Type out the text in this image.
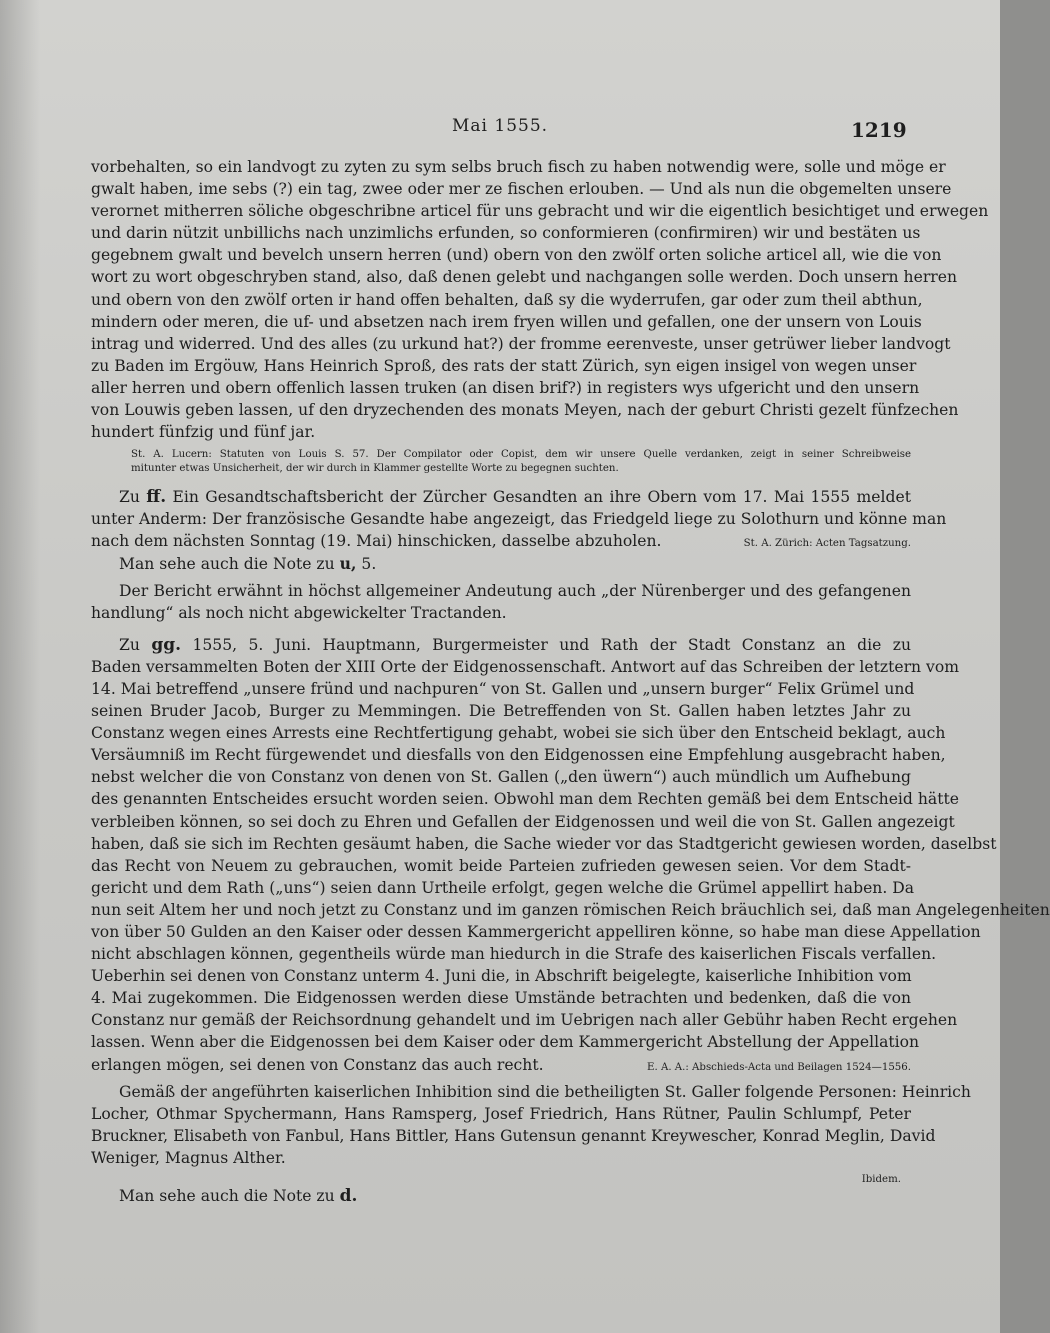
Mai 1555.	1219
vorbehalten, so ein landvogt zu zyten zu sym selbs bruch fisch zu haben notwendig were, solle und möge er
gwalt haben, ime sebs (?) ein tag, zwee oder mer ze fischen erlouben. — Und als nun die obgemelten unsere
verornet mitherren söliche obgeschribne articel für uns gebracht und wir die eigentlich besichtiget und erwegen
und darin nützit unbillichs nach unzimlichs erfunden, so conformieren (confirmiren) wir und bestäten us
gegebnem gwalt und bevelch unsern herren (und) obern von den zwölf orten soliche articel all, wie die von
wort zu wort obgeschryben stand, also, daß denen gelebt und nachgangen solle werden. Doch unsern herren
und obern von den zwölf orten ir hand offen behalten, daß sy die wyderrufen, gar oder zum theil abthun,
mindern oder meren, die uf- und absetzen nach irem fryen willen und gefallen, one der unsern von Louis
intrag und widerred. Und des alles (zu urkund hat?) der fromme eerenveste, unser getrüwer lieber landvogt
zu Baden im Ergöuw, Hans Heinrich Sproß, des rats der statt Zürich, syn eigen insigel von wegen unser
aller herren und obern offenlich lassen truken (an disen brif?) in registers wys ufgericht und den unsern
von Louwis geben lassen, uf den dryzechenden des monats Meyen, nach der geburt Christi gezelt fünfzechen
hundert fünfzig und fünf jar.
St. A. Lucern: Statuten von Louis S. 57. Der Compilator oder Copist, dem wir unsere Quelle verdanken, zeigt in seiner Schreibweise
mitunter etwas Unsicherheit, der wir durch in Klammer gestellte Worte zu begegnen suchten.
Zu ff. Ein Gesandtschaftsbericht der Zürcher Gesandten an ihre Obern vom 17. Mai 1555 meldet
unter Anderm: Der französische Gesandte habe angezeigt, das Friedgeld liege zu Solothurn und könne man
nach dem nächsten Sonntag (19. Mai) hinschicken, dasselbe abzuholen.	St. A. Zürich: Acten Tagsatzung.
Man sehe auch die Note zu u, 5.
Der Bericht erwähnt in höchst allgemeiner Andeutung auch „der Nürenberger und des gefangenen
handlung“ als noch nicht abgewickelter Tractanden.
Zu gg. 1555, 5. Juni. Hauptmann, Burgermeister und Rath der Stadt Constanz an die zu
Baden versammelten Boten der XIII Orte der Eidgenossenschaft. Antwort auf das Schreiben der letztern vom
14. Mai betreffend „unsere fründ und nachpuren“ von St. Gallen und „unsern burger“ Felix Grümel und
seinen Bruder Jacob, Burger zu Memmingen. Die Betreffenden von St. Gallen haben letztes Jahr zu
Constanz wegen eines Arrests eine Rechtfertigung gehabt, wobei sie sich über den Entscheid beklagt, auch
Versäumniß im Recht fürgewendet und diesfalls von den Eidgenossen eine Empfehlung ausgebracht haben,
nebst welcher die von Constanz von denen von St. Gallen („den üwern“) auch mündlich um Aufhebung
des genannten Entscheides ersucht worden seien. Obwohl man dem Rechten gemäß bei dem Entscheid hätte
verbleiben können, so sei doch zu Ehren und Gefallen der Eidgenossen und weil die von St. Gallen angezeigt
haben, daß sie sich im Rechten gesäumt haben, die Sache wieder vor das Stadtgericht gewiesen worden, daselbst
das Recht von Neuem zu gebrauchen, womit beide Parteien zufrieden gewesen seien. Vor dem Stadt-
gericht und dem Rath („uns“) seien dann Urtheile erfolgt, gegen welche die Grümel appellirt haben. Da
nun seit Altem her und noch jetzt zu Constanz und im ganzen römischen Reich bräuchlich sei, daß man Angelegenheiten
von über 50 Gulden an den Kaiser oder dessen Kammergericht appelliren könne, so habe man diese Appellation
nicht abschlagen können, gegentheils würde man hiedurch in die Strafe des kaiserlichen Fiscals verfallen.
Ueberhin sei denen von Constanz unterm 4. Juni die, in Abschrift beigelegte, kaiserliche Inhibition vom
4. Mai zugekommen. Die Eidgenossen werden diese Umstände betrachten und bedenken, daß die von
Constanz nur gemäß der Reichsordnung gehandelt und im Uebrigen nach aller Gebühr haben Recht ergehen
lassen. Wenn aber die Eidgenossen bei dem Kaiser oder dem Kammergericht Abstellung der Appellation
erlangen mögen, sei denen von Constanz das auch recht.	E. A. A.: Abschieds-Acta und Beilagen 1524—1556.
Gemäß der angeführten kaiserlichen Inhibition sind die betheiligten St. Galler folgende Personen: Heinrich
Locher, Othmar Spychermann, Hans Ramsperg, Josef Friedrich, Hans Rütner, Paulin Schlumpf, Peter
Bruckner, Elisabeth von Fanbul, Hans Bittler, Hans Gutensun genannt Kreywescher, Konrad Meglin, David
Weniger, Magnus Alther.
Ibidem.
Man sehe auch die Note zu d.
